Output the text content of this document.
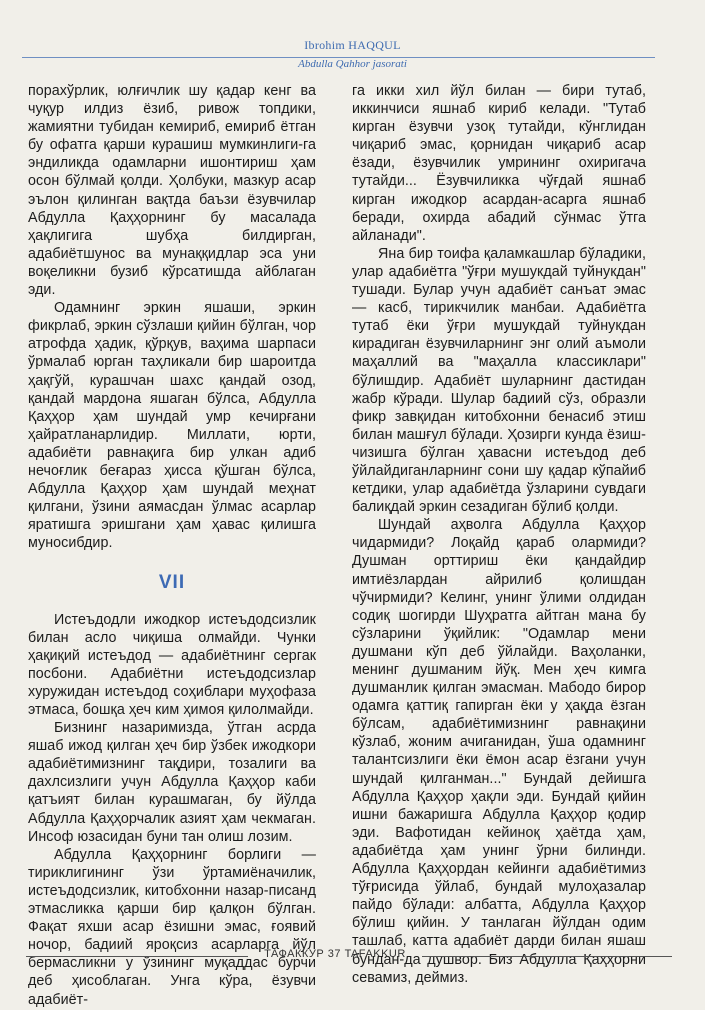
Ibrohim HAQQUL
Abdulla Qahhor jasorati

порахўрлик, юлғичлик шу қадар кенг ва чуқур илдиз ёзиб, ривож топдики, жамиятни тубидан кемириб, емириб ётган бу офатга қарши курашиш мумкинлиги-га эндиликда одамларни ишонтириш ҳам осон бўлмай қолди. Ҳолбуки, мазкур асар эълон қилинган вақтда баъзи ёзувчилар Абдулла Қаҳҳорнинг бу масалада ҳақлигига шубҳа билдирган, адабиётшунос ва мунаққидлар эса уни воқеликни бузиб кўрсатишда айблаган эди.

Одамнинг эркин яшаши, эркин фикрлаб, эркин сўзлаши қийин бўлган, чор атрофда ҳадик, қўрқув, ваҳима шарпаси ўрмалаб юрган таҳликали бир шароитда ҳақгўй, курашчан шахс қандай озод, қандай мардона яшаган бўлса, Абдулла Қаҳҳор ҳам шундай умр кечирғани ҳайратланарлидир. Миллати, юрти, адабиёти равнақига бир улкан адиб нечоғлик беғараз ҳисса қўшган бўлса, Абдулла Қаҳҳор ҳам шундай меҳнат қилгани, ўзини аямасдан ўлмас асарлар яратишга эришгани ҳам ҳавас қилишга муносибдир.

VII

Истеъдодли ижодкор истеъдодсизлик билан асло чиқиша олмайди. Чунки ҳақиқий истеъдод — адабиётнинг сергак посбони. Адабиётни истеъдодсизлар хуружидан истеъдод соҳиблари муҳофаза этмаса, бошқа ҳеч ким ҳимоя қилолмайди.

Бизнинг назаримизда, ўтган асрда яшаб ижод қилган ҳеч бир ўзбек ижодкори адабиётимизнинг тақдири, тозалиги ва дахлсизлиги учун Абдулла Қаҳҳор каби қатъият билан курашмаган, бу йўлда Абдулла Қаҳҳорчалик азият ҳам чекмаган. Инсоф юзасидан буни тан олиш лозим.

Абдулла Қаҳҳорнинг борлиги — тириклигининг ўзи ўртамиёначилик, истеъдодсизлик, китобхонни назар-писанд этмасликка қарши бир қалқон бўлган. Фақат яхши асар ёзишни эмас, ғоявий ночор, бадиий яроқсиз асарларга йўл бермасликни у ўзининг муқаддас бурчи деб ҳисоблаган. Унга кўра, ёзувчи адабиёт-

га икки хил йўл билан — бири тутаб, иккинчиси яшнаб кириб келади. "Тутаб кирган ёзувчи узоқ тутайди, кўнглидан чиқариб эмас, қорнидан чиқариб асар ёзади, ёзувчилик умрининг охиригача тутайди... Ёзувчиликка чўғдай яшнаб кирган ижодкор асардан-асарга яшнаб беради, охирда абадий сўнмас ўтга айланади".

Яна бир тоифа қаламкашлар бўладики, улар адабиётга "ўғри мушукдай туйнукдан" тушади. Булар учун адабиёт санъат эмас — касб, тирикчилик манбаи. Адабиётга тутаб ёки ўғри мушукдай туйнукдан кирадиган ёзувчиларнинг энг олий аъмоли маҳаллий ва "маҳалла классиклари" бўлишдир. Адабиёт шуларнинг дастидан жабр кўради. Шулар бадиий сўз, образли фикр завқидан китобхонни бенасиб этиш билан машғул бўлади. Ҳозирги кунда ёзиш-чизишга бўлган ҳавасни истеъдод деб ўйлайдиганларнинг сони шу қадар кўпайиб кетдики, улар адабиётда ўзларини сувдаги балиқдай эркин сезадиган бўлиб қолди.

Шундай аҳволга Абдулла Қаҳҳор чидармиди? Лоқайд қараб олармиди? Душман орттириш ёки қандайдир имтиёзлардан айрилиб қолишдан чўчирмиди? Келинг, унинг ўлими олдидан содиқ шогирди Шуҳратга айтган мана бу сўзларини ўқийлик: "Одамлар мени душмани кўп деб ўйлайди. Ваҳоланки, менинг душманим йўқ. Мен ҳеч кимга душманлик қилган эмасман. Мабодо бирор одамга қаттиқ гапирган ёки у ҳақда ёзган бўлсам, адабиётимизнинг равнақини кўзлаб, жоним ачиганидан, ўша одамнинг талантсизлиги ёки ёмон асар ёзгани учун шундай қилганман..." Бундай дейишга Абдулла Қаҳҳор ҳақли эди. Бундай қийин ишни бажаришга Абдулла Қаҳҳор қодир эди. Вафотидан кейиноқ ҳаётда ҳам, адабиётда ҳам унинг ўрни билинди. Абдулла Қаҳҳордан кейинги адабиётимиз тўғрисида ўйлаб, бундай мулоҳазалар пайдо бўлади: албатта, Абдулла Қаҳҳор бўлиш қийин. У танлаган йўлдан одим ташлаб, катта адабиёт дарди билан яшаш бундан-да душвор. Биз Абдулла Қаҳҳорни севамиз, деймиз.

ТАФАККУР 37 TAFAKKUR
